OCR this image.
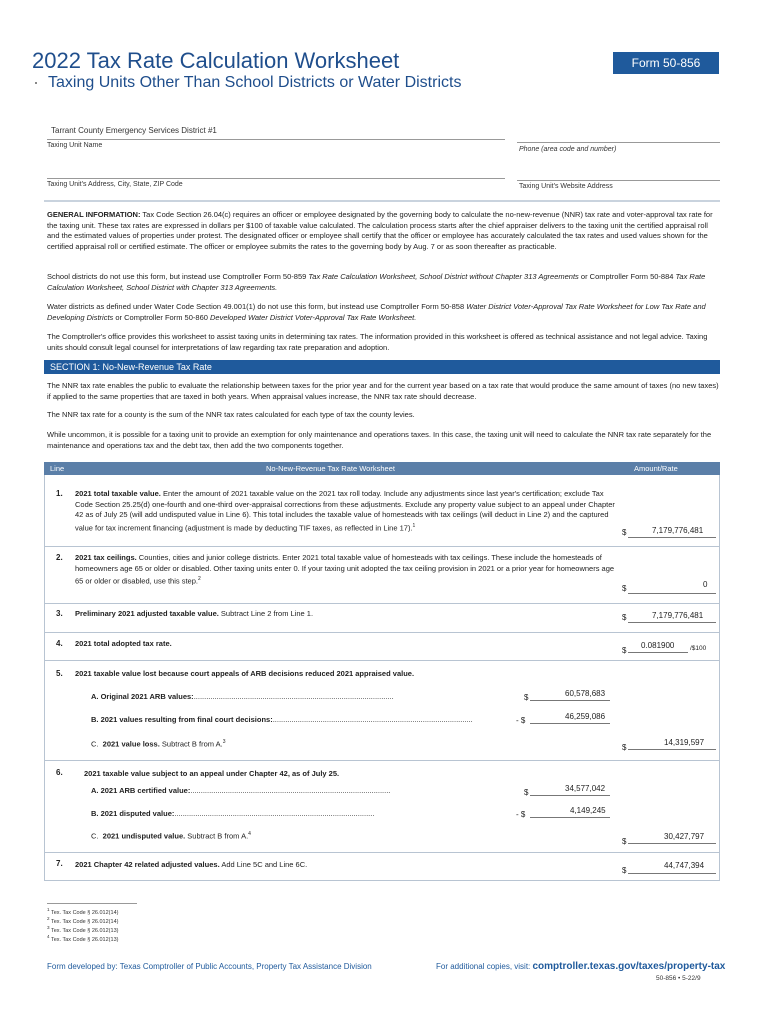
2022 Tax Rate Calculation Worksheet
Taxing Units Other Than School Districts or Water Districts
Form 50-856
Tarrant County Emergency Services District #1
Taxing Unit Name
Phone (area code and number)
Taxing Unit's Address, City, State, ZIP Code	Taxing Unit's Website Address
GENERAL INFORMATION: Tax Code Section 26.04(c) requires an officer or employee designated by the governing body to calculate the no-new-revenue (NNR) tax rate and voter-approval tax rate for the taxing unit. These tax rates are expressed in dollars per $100 of taxable value calculated. The calculation process starts after the chief appraiser delivers to the taxing unit the certified appraisal roll and the estimated values of properties under protest. The designated officer or employee shall certify that the officer or employee has accurately calculated the tax rates and used values shown for the certified appraisal roll or certified estimate. The officer or employee submits the rates to the governing body by Aug. 7 or as soon thereafter as practicable.
School districts do not use this form, but instead use Comptroller Form 50-859 Tax Rate Calculation Worksheet, School District without Chapter 313 Agreements or Comptroller Form 50-884 Tax Rate Calculation Worksheet, School District with Chapter 313 Agreements.
Water districts as defined under Water Code Section 49.001(1) do not use this form, but instead use Comptroller Form 50-858 Water District Voter-Approval Tax Rate Worksheet for Low Tax Rate and Developing Districts or Comptroller Form 50-860 Developed Water District Voter-Approval Tax Rate Worksheet.
The Comptroller's office provides this worksheet to assist taxing units in determining tax rates. The information provided in this worksheet is offered as technical assistance and not legal advice. Taxing units should consult legal counsel for interpretations of law regarding tax rate preparation and adoption.
SECTION 1: No-New-Revenue Tax Rate
The NNR tax rate enables the public to evaluate the relationship between taxes for the prior year and for the current year based on a tax rate that would produce the same amount of taxes (no new taxes) if applied to the same properties that are taxed in both years. When appraisal values increase, the NNR tax rate should decrease.
The NNR tax rate for a county is the sum of the NNR tax rates calculated for each type of tax the county levies.
While uncommon, it is possible for a taxing unit to provide an exemption for only maintenance and operations taxes. In this case, the taxing unit will need to calculate the NNR tax rate separately for the maintenance and operations tax and the debt tax, then add the two components together.
Line	No-New-Revenue Tax Rate Worksheet	Amount/Rate
1. 2021 total taxable value. Enter the amount of 2021 taxable value on the 2021 tax roll today. Include any adjustments since last year's certification; exclude Tax Code Section 25.25(d) one-fourth and one-third over-appraisal corrections from these adjustments. Exclude any property value subject to an appeal under Chapter 42 as of July 25 (will add undisputed value in Line 6). This total includes the taxable value of homesteads with tax ceilings (will deduct in Line 2) and the captured value for tax increment financing (adjustment is made by deducting TIF taxes, as reflected in Line 17).$^1$
$	7,179,776,481
2. 2021 tax ceilings. Counties, cities and junior college districts. Enter 2021 total taxable value of homesteads with tax ceilings. These include the homesteads of homeowners age 65 or older or disabled. Other taxing units enter 0. If your taxing unit adopted the tax ceiling provision in 2021 or a prior year for homeowners age 65 or older or disabled, use this step.$^2$
$	0
3. Preliminary 2021 adjusted taxable value. Subtract Line 2 from Line 1.	$	7,179,776,481
4. 2021 total adopted tax rate.
$
0.081900 /$100
5. 2021 taxable value lost because court appeals of ARB decisions reduced 2021 appraised value.
A. Original 2021 ARB values:................................................................................................	$	60,578,683
B. 2021 values resulting from final court decisions:................................................................................................	- $	46,259,086
C. 2021 value loss. Subtract B from A.$^3$
$
14,319,597
6.	2021 taxable value subject to an appeal under Chapter 42, as of July 25.
A. 2021 ARB certified value:................................................................................................	$	34,577,042
B. 2021 disputed value:................................................................................................	- $	4,149,245
C. 2021 undisputed value. Subtract B from A.$^4$
$
30,427,797
7. 2021 Chapter 42 related adjusted values. Add Line 5C and Line 6C.
$
44,747,394
$^1$ Tex. Tax Code § 26.012(14)
$^2$ Tex. Tax Code § 26.012(14)
$^3$ Tex. Tax Code § 26.012(13)
$^4$ Tex. Tax Code § 26.012(13)
Form developed by: Texas Comptroller of Public Accounts, Property Tax Assistance Division	For additional copies, visit: comptroller.texas.gov/taxes/property-tax
50-856 • 5-22/9
